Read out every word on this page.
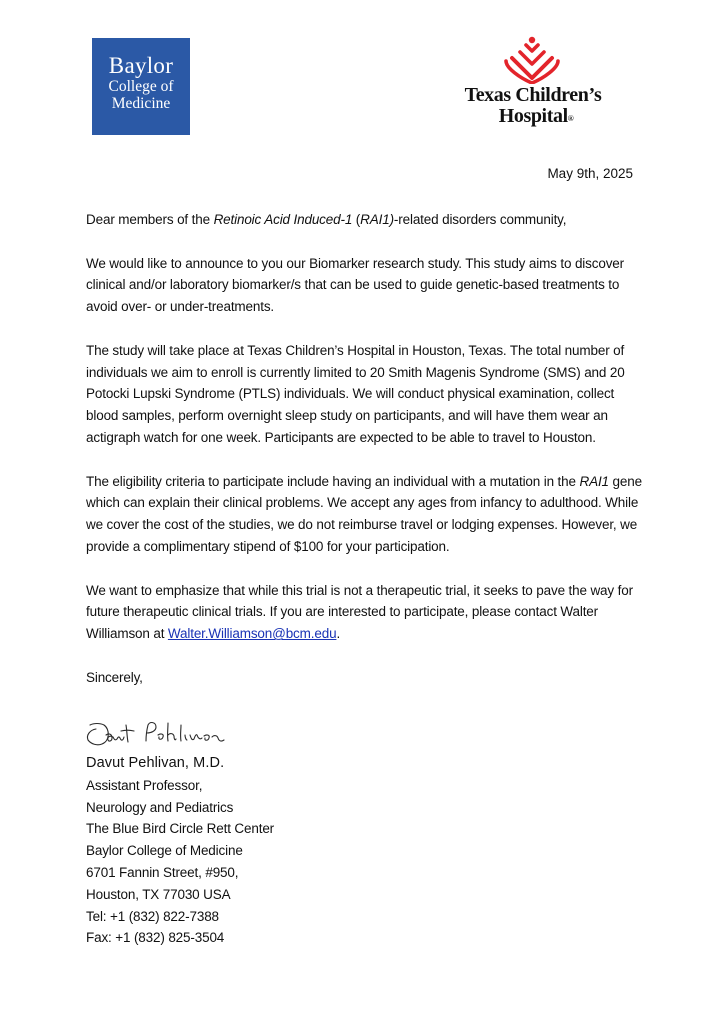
Baylor
College of
Medicine	Texas Children’s
Hospital®
May 9th, 2025

Dear members of the Retinoic Acid Induced-1 (RAI1)-related disorders community,

We would like to announce to you our Biomarker research study. This study aims to discover clinical and/or laboratory biomarker/s that can be used to guide genetic-based treatments to avoid over- or under-treatments.

The study will take place at Texas Children’s Hospital in Houston, Texas. The total number of individuals we aim to enroll is currently limited to 20 Smith Magenis Syndrome (SMS) and 20 Potocki Lupski Syndrome (PTLS) individuals. We will conduct physical examination, collect blood samples, perform overnight sleep study on participants, and will have them wear an actigraph watch for one week. Participants are expected to be able to travel to Houston.

The eligibility criteria to participate include having an individual with a mutation in the RAI1 gene which can explain their clinical problems. We accept any ages from infancy to adulthood. While we cover the cost of the studies, we do not reimburse travel or lodging expenses. However, we provide a complimentary stipend of $100 for your participation.

We want to emphasize that while this trial is not a therapeutic trial, it seeks to pave the way for future therapeutic clinical trials. If you are interested to participate, please contact Walter Williamson at Walter.Williamson@bcm.edu.

Sincerely,

Davut Pehlivan, M.D.
Assistant Professor,
Neurology and Pediatrics
The Blue Bird Circle Rett Center
Baylor College of Medicine
6701 Fannin Street, #950,
Houston, TX 77030 USA
Tel: +1 (832) 822-7388
Fax: +1 (832) 825-3504
